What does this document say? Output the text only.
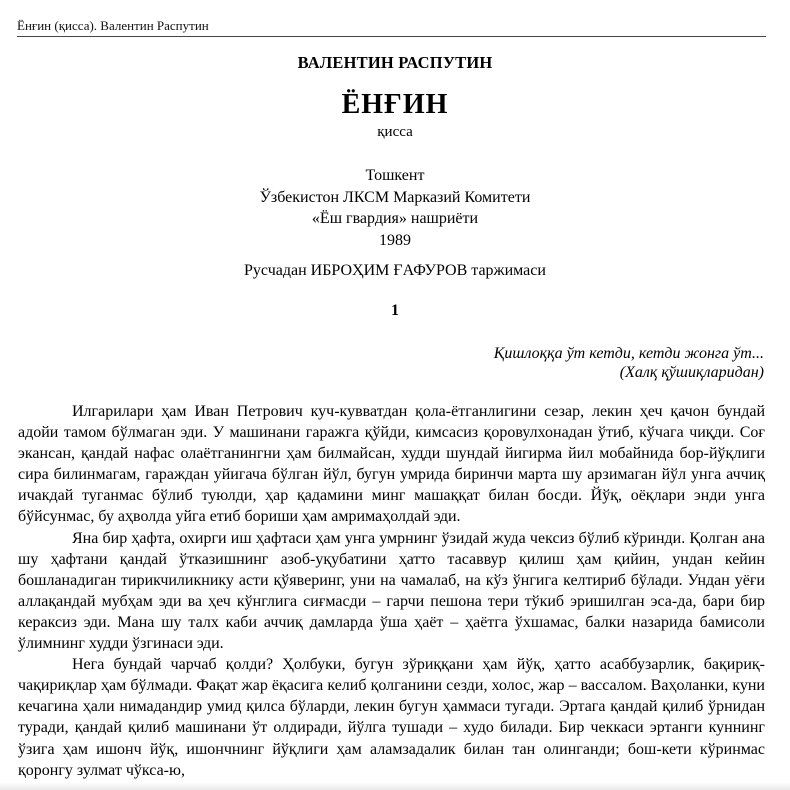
Ёнғин (қисса). Валентин Распутин
ВАЛЕНТИН РАСПУТИН
ЁНҒИН
қисса
Тошкент
Ўзбекистон ЛКСМ Марказий Комитети
«Ёш гвардия» нашриёти
1989
Русчадан ИБРОҲИМ ҒАФУРОВ таржимаси
1
Қишлоққа ўт кетди, кетди жонга ўт...
(Халқ қўшиқларидан)

Илгарилари ҳам Иван Петрович куч-кувватдан қола-ётганлигини сезар, лекин ҳеч қачон бундай адойи тамом бўлмаган эди. У машинани гаражга қўйди, кимсасиз қоровулхонадан ўтиб, кўчага чиқди. Соғ экансан, қандай нафас олаётганингни ҳам билмайсан, худди шундай йигирма йил мобайнида бор-йўқлиги сира билинмагам, гараждан уйигача бўлган йўл, бугун умрида биринчи марта шу арзимаган йўл унга аччиқ ичакдай туганмас бўлиб туюлди, ҳар қадамини минг машаққат билан босди. Йўқ, оёқлари энди унга бўйсунмас, бу аҳволда уйга етиб бориши ҳам амримаҳолдай эди.

Яна бир ҳафта, охирги иш ҳафтаси ҳам унга умрнинг ўзидай жуда чексиз бўлиб кўринди. Қолган ана шу ҳафтани қандай ўтказишнинг азоб-уқубатини ҳатто тасаввур қилиш ҳам қийин, ундан кейин бошланадиган тирикчиликнику асти қўяверинг, уни на чамалаб, на кўз ўнгига келтириб бўлади. Ундан уёғи аллақандай мубҳам эди ва ҳеч кўнглига сиғмасди – гарчи пешона тери тўкиб эришилган эса-да, бари бир кераксиз эди. Мана шу талх каби аччиқ дамларда ўша ҳаёт – ҳаётга ўхшамас, балки назарида бамисоли ўлимнинг худди ўзгинаси эди.

Нега бундай чарчаб қолди? Ҳолбуки, бугун зўриққани ҳам йўқ, ҳатто асаббузарлик, бақириқ-чақириқлар ҳам бўлмади. Фақат жар ёқасига келиб қолганини сезди, холос, жар – вассалом. Ваҳоланки, куни кечагина ҳали нимадандир умид қилса бўларди, лекин бугун ҳаммаси тугади. Эртага қандай қилиб ўрнидан туради, қандай қилиб машинани ўт олдиради, йўлга тушади – худо билади. Бир чеккаси эртанги куннинг ўзига ҳам ишонч йўқ, ишончнинг йўқлиги ҳам аламзадалик билан тан олинганди; бош-кети кўринмас қоронгу зулмат чўкса-ю,
